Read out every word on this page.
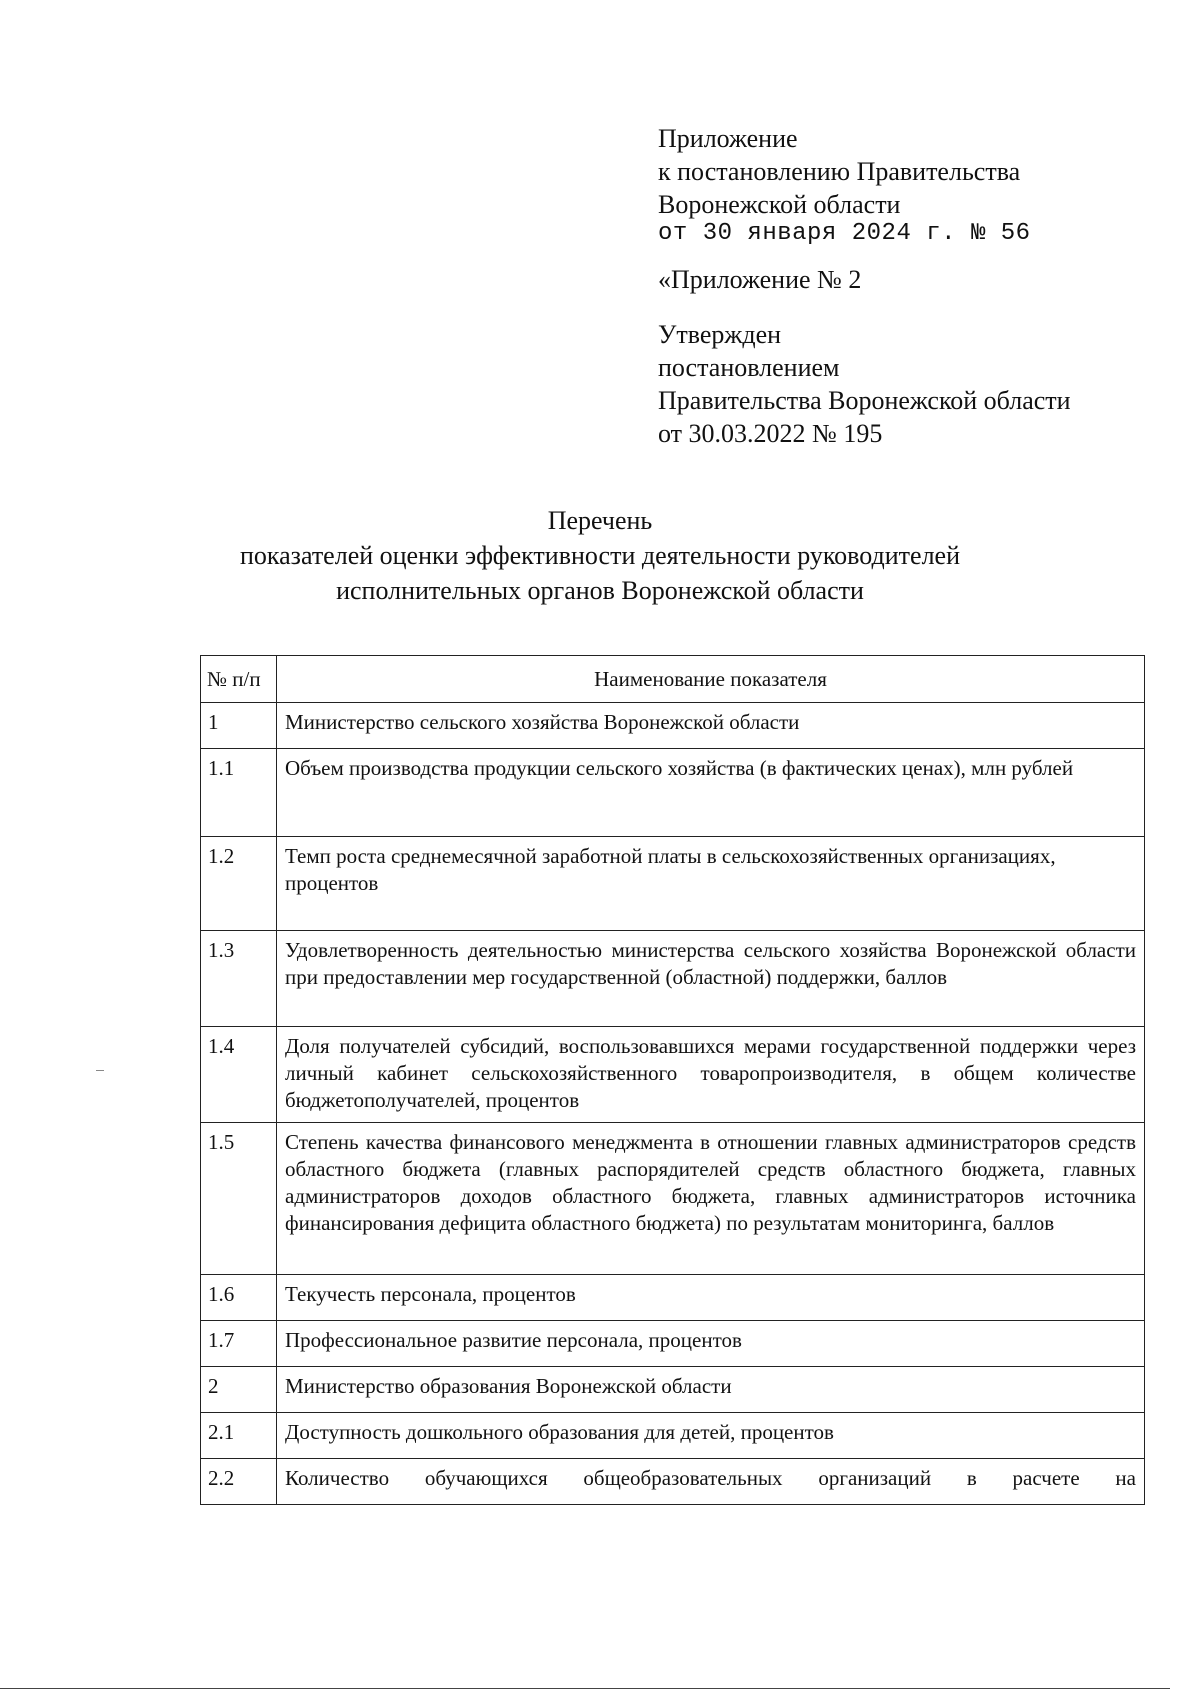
Приложение
к постановлению Правительства
Воронежской области
от 30 января 2024 г. № 56
«Приложение № 2
Утвержден
постановлением
Правительства Воронежской области
от 30.03.2022 № 195
Перечень
показателей оценки эффективности деятельности руководителей
исполнительных органов Воронежской области
№ п/п	Наименование показателя
1	Министерство сельского хозяйства Воронежской области
1.1	Объем производства продукции сельского хозяйства (в фактических ценах), млн рублей
1.2	Темп роста среднемесячной заработной платы в сельскохозяйственных организациях, процентов
1.3	Удовлетворенность деятельностью министерства сельского хозяйства Воронежской области при предоставлении мер государственной (областной) поддержки, баллов
1.4	Доля получателей субсидий, воспользовавшихся мерами государственной поддержки через личный кабинет сельскохозяйственного товаропроизводителя, в общем количестве бюджетополучателей, процентов
1.5	Степень качества финансового менеджмента в отношении главных администраторов средств областного бюджета (главных распорядителей средств областного бюджета, главных администраторов доходов областного бюджета, главных администраторов источника финансирования дефицита областного бюджета) по результатам мониторинга, баллов
1.6	Текучесть персонала, процентов
1.7	Профессиональное развитие персонала, процентов
2	Министерство образования Воронежской области
2.1	Доступность дошкольного образования для детей, процентов
2.2	Количество обучающихся общеобразовательных организаций в расчете на
